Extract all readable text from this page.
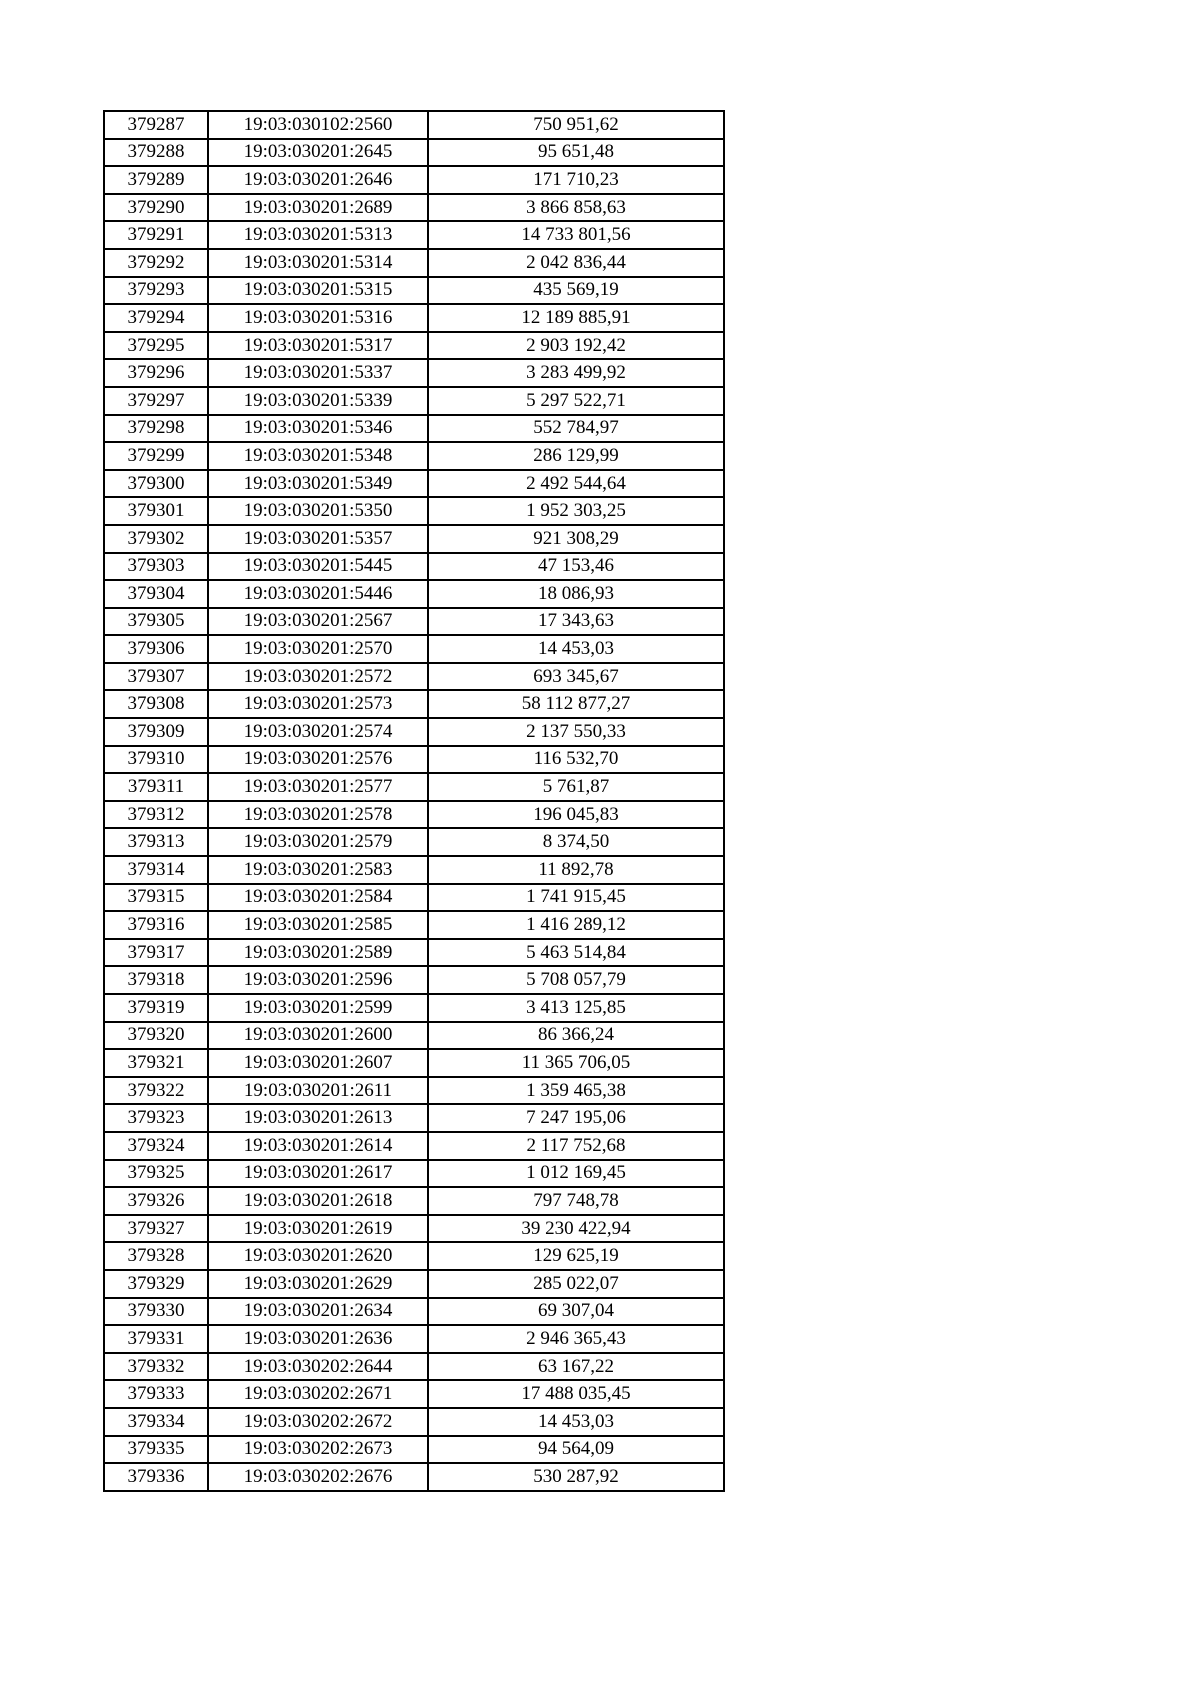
379287	19:03:030102:2560	750 951,62
379288	19:03:030201:2645	95 651,48
379289	19:03:030201:2646	171 710,23
379290	19:03:030201:2689	3 866 858,63
379291	19:03:030201:5313	14 733 801,56
379292	19:03:030201:5314	2 042 836,44
379293	19:03:030201:5315	435 569,19
379294	19:03:030201:5316	12 189 885,91
379295	19:03:030201:5317	2 903 192,42
379296	19:03:030201:5337	3 283 499,92
379297	19:03:030201:5339	5 297 522,71
379298	19:03:030201:5346	552 784,97
379299	19:03:030201:5348	286 129,99
379300	19:03:030201:5349	2 492 544,64
379301	19:03:030201:5350	1 952 303,25
379302	19:03:030201:5357	921 308,29
379303	19:03:030201:5445	47 153,46
379304	19:03:030201:5446	18 086,93
379305	19:03:030201:2567	17 343,63
379306	19:03:030201:2570	14 453,03
379307	19:03:030201:2572	693 345,67
379308	19:03:030201:2573	58 112 877,27
379309	19:03:030201:2574	2 137 550,33
379310	19:03:030201:2576	116 532,70
379311	19:03:030201:2577	5 761,87
379312	19:03:030201:2578	196 045,83
379313	19:03:030201:2579	8 374,50
379314	19:03:030201:2583	11 892,78
379315	19:03:030201:2584	1 741 915,45
379316	19:03:030201:2585	1 416 289,12
379317	19:03:030201:2589	5 463 514,84
379318	19:03:030201:2596	5 708 057,79
379319	19:03:030201:2599	3 413 125,85
379320	19:03:030201:2600	86 366,24
379321	19:03:030201:2607	11 365 706,05
379322	19:03:030201:2611	1 359 465,38
379323	19:03:030201:2613	7 247 195,06
379324	19:03:030201:2614	2 117 752,68
379325	19:03:030201:2617	1 012 169,45
379326	19:03:030201:2618	797 748,78
379327	19:03:030201:2619	39 230 422,94
379328	19:03:030201:2620	129 625,19
379329	19:03:030201:2629	285 022,07
379330	19:03:030201:2634	69 307,04
379331	19:03:030201:2636	2 946 365,43
379332	19:03:030202:2644	63 167,22
379333	19:03:030202:2671	17 488 035,45
379334	19:03:030202:2672	14 453,03
379335	19:03:030202:2673	94 564,09
379336	19:03:030202:2676	530 287,92
